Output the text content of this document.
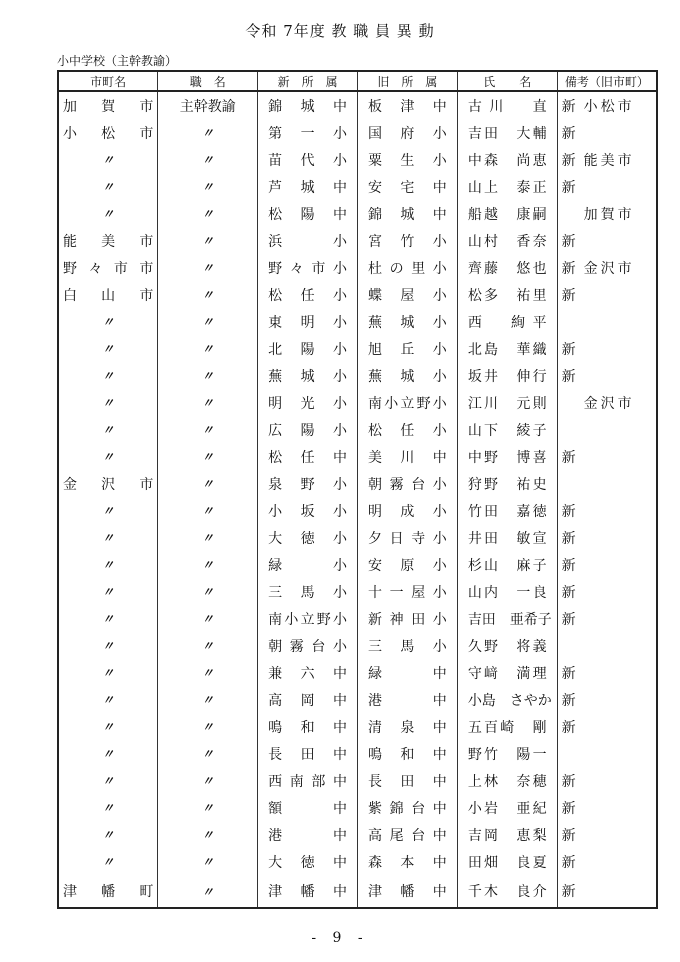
令和 7年度 教 職 員 異 動
小中学校（主幹教諭）
市町名	職　名	新　所　属	旧　所　属	氏　　名	備考（旧市町）
加賀市	主幹教諭	錦城中	板津中	古川　直	新 小松市
小松市	〃	第一小	国府小	吉田　大輔	新
〃	〃	苗代小	粟生小	中森　尚恵	新 能美市
〃	〃	芦城中	安宅中	山上　泰正	新
〃	〃	松陽中	錦城中	船越　康嗣	加賀市
能美市	〃	浜　小	宮竹小	山村　香奈	新
野々市市	〃	野々市小	杜の里小	齊藤　悠也	新 金沢市
白山市	〃	松任小	蝶屋小	松多　祐里	新
〃	〃	東明小	蕪城小	西　絢平	
〃	〃	北陽小	旭丘小	北島　華織	新
〃	〃	蕪城小	蕪城小	坂井　伸行	新
〃	〃	明光小	南小立野小	江川　元則	金沢市
〃	〃	広陽小	松任小	山下　綾子	
〃	〃	松任中	美川中	中野　博喜	新
金沢市	〃	泉野小	朝霧台小	狩野　祐史	
〃	〃	小坂小	明成小	竹田　嘉徳	新
〃	〃	大徳小	夕日寺小	井田　敏宣	新
〃	〃	緑　小	安原小	杉山　麻子	新
〃	〃	三馬小	十一屋小	山内　一良	新
〃	〃	南小立野小	新神田小	吉田　亜希子	新
〃	〃	朝霧台小	三馬小	久野　将義	
〃	〃	兼六中	緑　中	守﨑　満理	新
〃	〃	高岡中	港　中	小島　さやか	新
〃	〃	鳴和中	清泉中	五百崎　剛	新
〃	〃	長田中	鳴和中	野竹　陽一	
〃	〃	西南部中	長田中	上林　奈穂	新
〃	〃	額　中	紫錦台中	小岩　亜紀	新
〃	〃	港　中	高尾台中	吉岡　恵梨	新
〃	〃	大徳中	森本中	田畑　良夏	新
津幡町	〃	津幡中	津幡中	千木　良介	新
- 9 -
